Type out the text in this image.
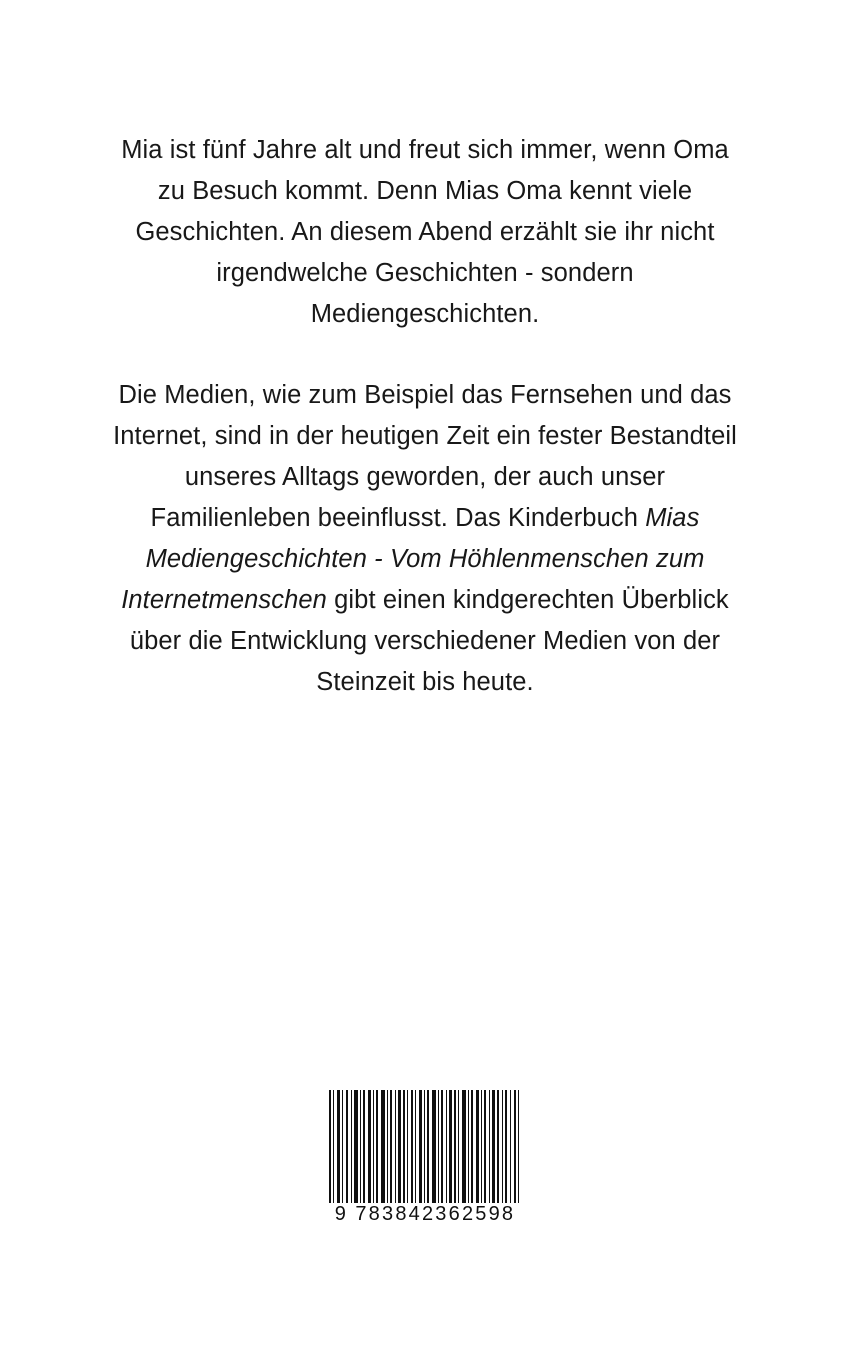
Mia ist fünf Jahre alt und freut sich immer, wenn Oma zu Besuch kommt. Denn Mias Oma kennt viele Geschichten. An diesem Abend erzählt sie ihr nicht irgendwelche Geschichten - sondern Mediengeschichten.

Die Medien, wie zum Beispiel das Fernsehen und das Internet, sind in der heutigen Zeit ein fester Bestandteil unseres Alltags geworden, der auch unser Familienleben beeinflusst. Das Kinderbuch Mias Mediengeschichten - Vom Höhlenmenschen zum Internetmenschen gibt einen kindgerechten Überblick über die Entwicklung verschiedener Medien von der Steinzeit bis heute.

9 783842362598
